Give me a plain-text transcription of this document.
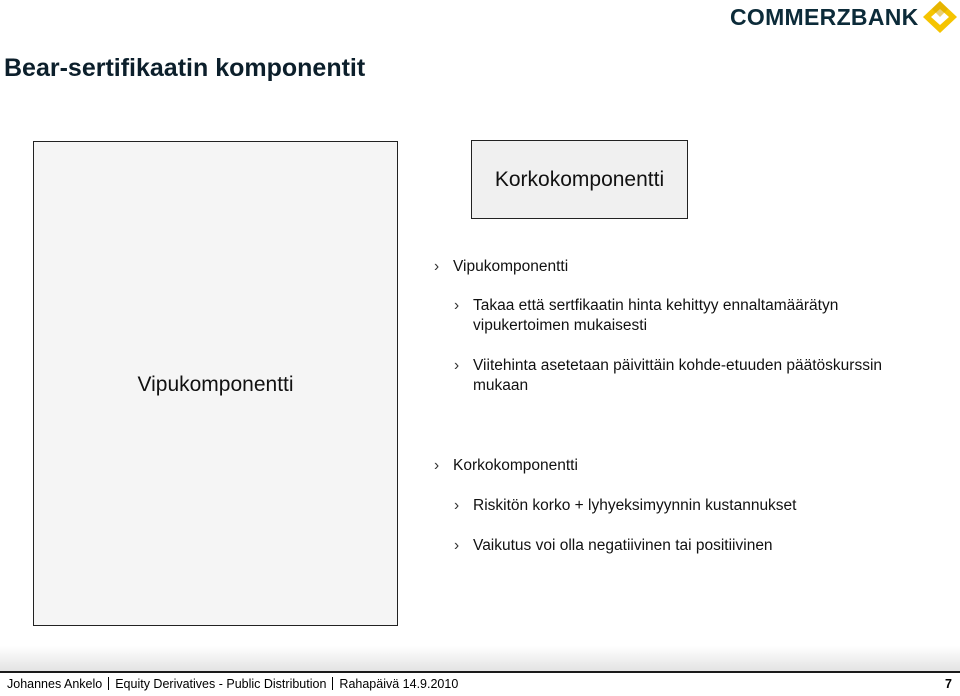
COMMERZBANK
Bear-sertifikaatin komponentit
Vipukomponentti
Korkokomponentti
› Vipukomponentti
› Takaa että sertfikaatin hinta kehittyy ennaltamäärätyn
vipukertoimen mukaisesti
› Viitehinta asetetaan päivittäin kohde-etuuden päätöskurssin
mukaan
› Korkokomponentti
› Riskitön korko + lyhyeksimyynnin kustannukset
› Vaikutus voi olla negatiivinen tai positiivinen
Johannes Ankelo Equity Derivatives - Public Distribution Rahapäivä 14.9.2010	7
